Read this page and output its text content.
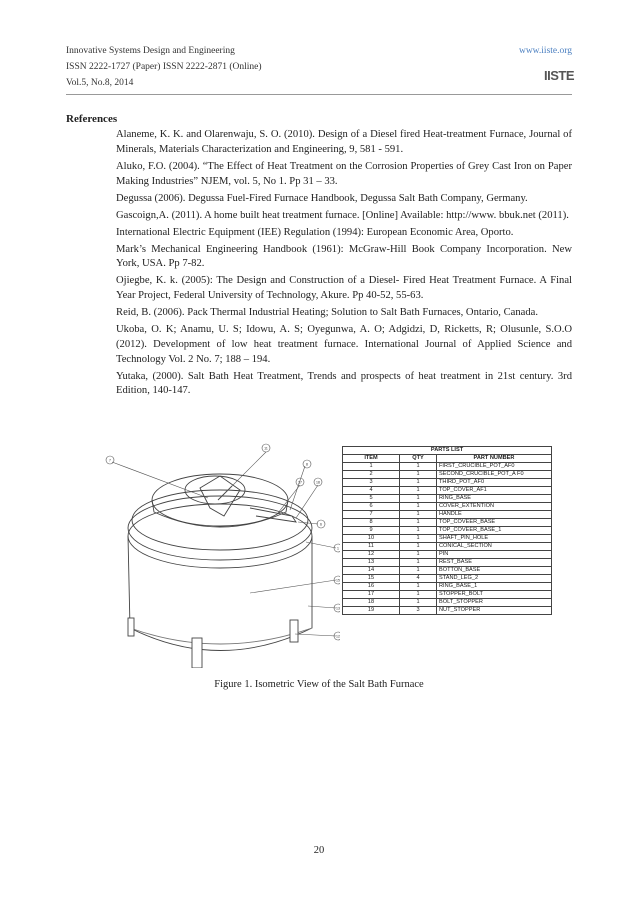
Innovative Systems Design and Engineering
ISSN 2222-1727 (Paper) ISSN 2222-2871 (Online)
Vol.5, No.8, 2014
www.iiste.org
IISTE
References

Alaneme, K. K. and Olarenwaju, S. O. (2010). Design of a Diesel fired Heat-treatment Furnace, Journal of Minerals, Materials Characterization and Engineering, 9, 581 - 591.

Aluko, F.O. (2004). “The Effect of Heat Treatment on the Corrosion Properties of Grey Cast Iron on Paper Making Industries” NJEM, vol. 5, No 1. Pp 31 – 33.

Degussa (2006). Degussa Fuel-Fired Furnace Handbook, Degussa Salt Bath Company, Germany.

Gascoign,A. (2011). A home built heat treatment furnace. [Online] Available: http://www. bbuk.net (2011).

International Electric Equipment (IEE) Regulation (1994): European Economic Area, Oporto.

Mark’s Mechanical Engineering Handbook (1961): McGraw-Hill Book Company Incorporation. New York, USA. Pp 7-82.

Ojiegbe, K. k. (2005): The Design and Construction of a Diesel- Fired Heat Treatment Furnace. A Final Year Project, Federal University of Technology, Akure. Pp 40-52, 55-63.

Reid, B. (2006). Pack Thermal Industrial Heating; Solution to Salt Bath Furnaces, Ontario, Canada.

Ukoba, O. K; Anamu, U. S; Idowu, A. S; Oyegunwa, A. O; Adgidzi, D, Ricketts, R; Olusunle, S.O.O (2012). Development of low heat treatment furnace. International Journal of Applied Science and Technology Vol. 2 No. 7; 188 – 194.

Yutaka, (2000). Salt Bath Heat Treatment, Trends and prospects of heat treatment in 21st century. 3rd Edition, 140-147.

7
11
8
17	18
6
1
15
13
12
PARTS LIST		
ITEM	QTY	PART NUMBER
1	1	FIRST_CRUCIBLE_POT_AF0
2	1	SECOND_CRUCIBLE_POT_A F0
3	1	THIRD_POT_AF0
4	1	TOP_COVER_AF1
5	1	RING_BASE
6	1	COVER_EXTENTION
7	1	HANDLE
8	1	TOP_COVEER_BASE
9	1	TOP_COVEER_BASE_1
10	1	SHAFT_PIN_HOLE
11	1	CONICAL_SECTION
12	1	PIN
13	1	REST_BASE
14	1	BOTTON_BASE
15	4	STAND_LEG_2
16	1	RING_BASE_1
17	1	STOPPER_BOLT
18	1	BOLT_STOPPER
19	3	NUT_STOPPER
Figure 1. Isometric View of the Salt Bath Furnace
20
